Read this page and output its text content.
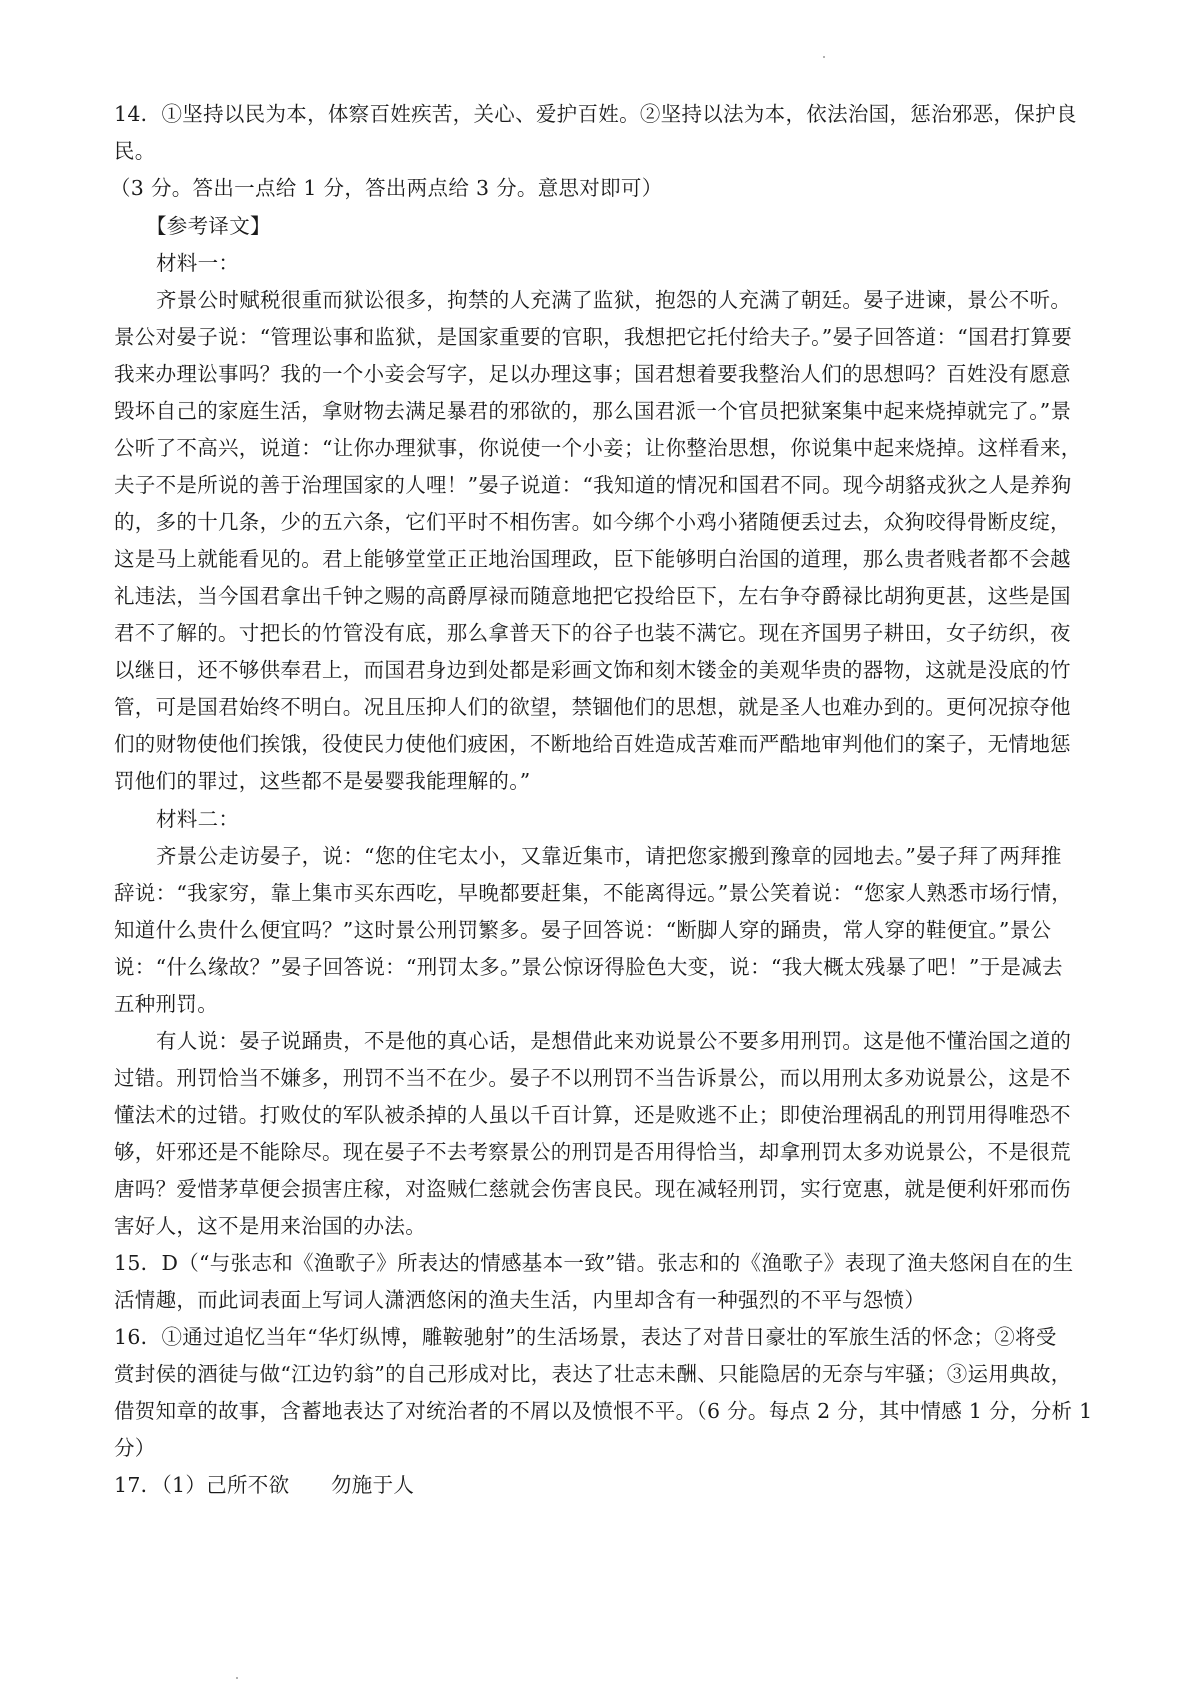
14．①坚持以民为本，体察百姓疾苦，关心、爱护百姓。②坚持以法为本，依法治国，惩治邪恶，保护良
民。
（3 分。答出一点给 1 分，答出两点给 3 分。意思对即可）
【参考译文】
材料一：
齐景公时赋税很重而狱讼很多，拘禁的人充满了监狱，抱怨的人充满了朝廷。晏子进谏，景公不听。
景公对晏子说：“管理讼事和监狱，是国家重要的官职，我想把它托付给夫子。”晏子回答道：“国君打算要
我来办理讼事吗？我的一个小妾会写字，足以办理这事；国君想着要我整治人们的思想吗？百姓没有愿意
毁坏自己的家庭生活，拿财物去满足暴君的邪欲的，那么国君派一个官员把狱案集中起来烧掉就完了。”景
公听了不高兴，说道：“让你办理狱事，你说使一个小妾；让你整治思想，你说集中起来烧掉。这样看来，
夫子不是所说的善于治理国家的人哩！”晏子说道：“我知道的情况和国君不同。现今胡貉戎狄之人是养狗
的，多的十几条，少的五六条，它们平时不相伤害。如今绑个小鸡小猪随便丢过去，众狗咬得骨断皮绽，
这是马上就能看见的。君上能够堂堂正正地治国理政，臣下能够明白治国的道理，那么贵者贱者都不会越
礼违法，当今国君拿出千钟之赐的高爵厚禄而随意地把它投给臣下，左右争夺爵禄比胡狗更甚，这些是国
君不了解的。寸把长的竹管没有底，那么拿普天下的谷子也装不满它。现在齐国男子耕田，女子纺织，夜
以继日，还不够供奉君上，而国君身边到处都是彩画文饰和刻木镂金的美观华贵的器物，这就是没底的竹
管，可是国君始终不明白。况且压抑人们的欲望，禁锢他们的思想，就是圣人也难办到的。更何况掠夺他
们的财物使他们挨饿，役使民力使他们疲困，不断地给百姓造成苦难而严酷地审判他们的案子，无情地惩
罚他们的罪过，这些都不是晏婴我能理解的。”
材料二：
齐景公走访晏子，说：“您的住宅太小，又靠近集市，请把您家搬到豫章的园地去。”晏子拜了两拜推
辞说：“我家穷，靠上集市买东西吃，早晚都要赶集，不能离得远。”景公笑着说：“您家人熟悉市场行情，
知道什么贵什么便宜吗？”这时景公刑罚繁多。晏子回答说：“断脚人穿的踊贵，常人穿的鞋便宜。”景公
说：“什么缘故？”晏子回答说：“刑罚太多。”景公惊讶得脸色大变，说：“我大概太残暴了吧！”于是减去
五种刑罚。
有人说：晏子说踊贵，不是他的真心话，是想借此来劝说景公不要多用刑罚。这是他不懂治国之道的
过错。刑罚恰当不嫌多，刑罚不当不在少。晏子不以刑罚不当告诉景公，而以用刑太多劝说景公，这是不
懂法术的过错。打败仗的军队被杀掉的人虽以千百计算，还是败逃不止；即使治理祸乱的刑罚用得唯恐不
够，奸邪还是不能除尽。现在晏子不去考察景公的刑罚是否用得恰当，却拿刑罚太多劝说景公，不是很荒
唐吗？爱惜茅草便会损害庄稼，对盗贼仁慈就会伤害良民。现在减轻刑罚，实行宽惠，就是便利奸邪而伤
害好人，这不是用来治国的办法。
15．D（“与张志和《渔歌子》所表达的情感基本一致”错。张志和的《渔歌子》表现了渔夫悠闲自在的生
活情趣，而此词表面上写词人潇洒悠闲的渔夫生活，内里却含有一种强烈的不平与怨愤）
16．①通过追忆当年“华灯纵博，雕鞍驰射”的生活场景，表达了对昔日豪壮的军旅生活的怀念；②将受
赏封侯的酒徒与做“江边钓翁”的自己形成对比，表达了壮志未酬、只能隐居的无奈与牢骚；③运用典故，
借贺知章的故事，含蓄地表达了对统治者的不屑以及愤恨不平。（6 分。每点 2 分，其中情感 1 分，分析 1
分）
17．（1）己所不欲　　勿施于人
